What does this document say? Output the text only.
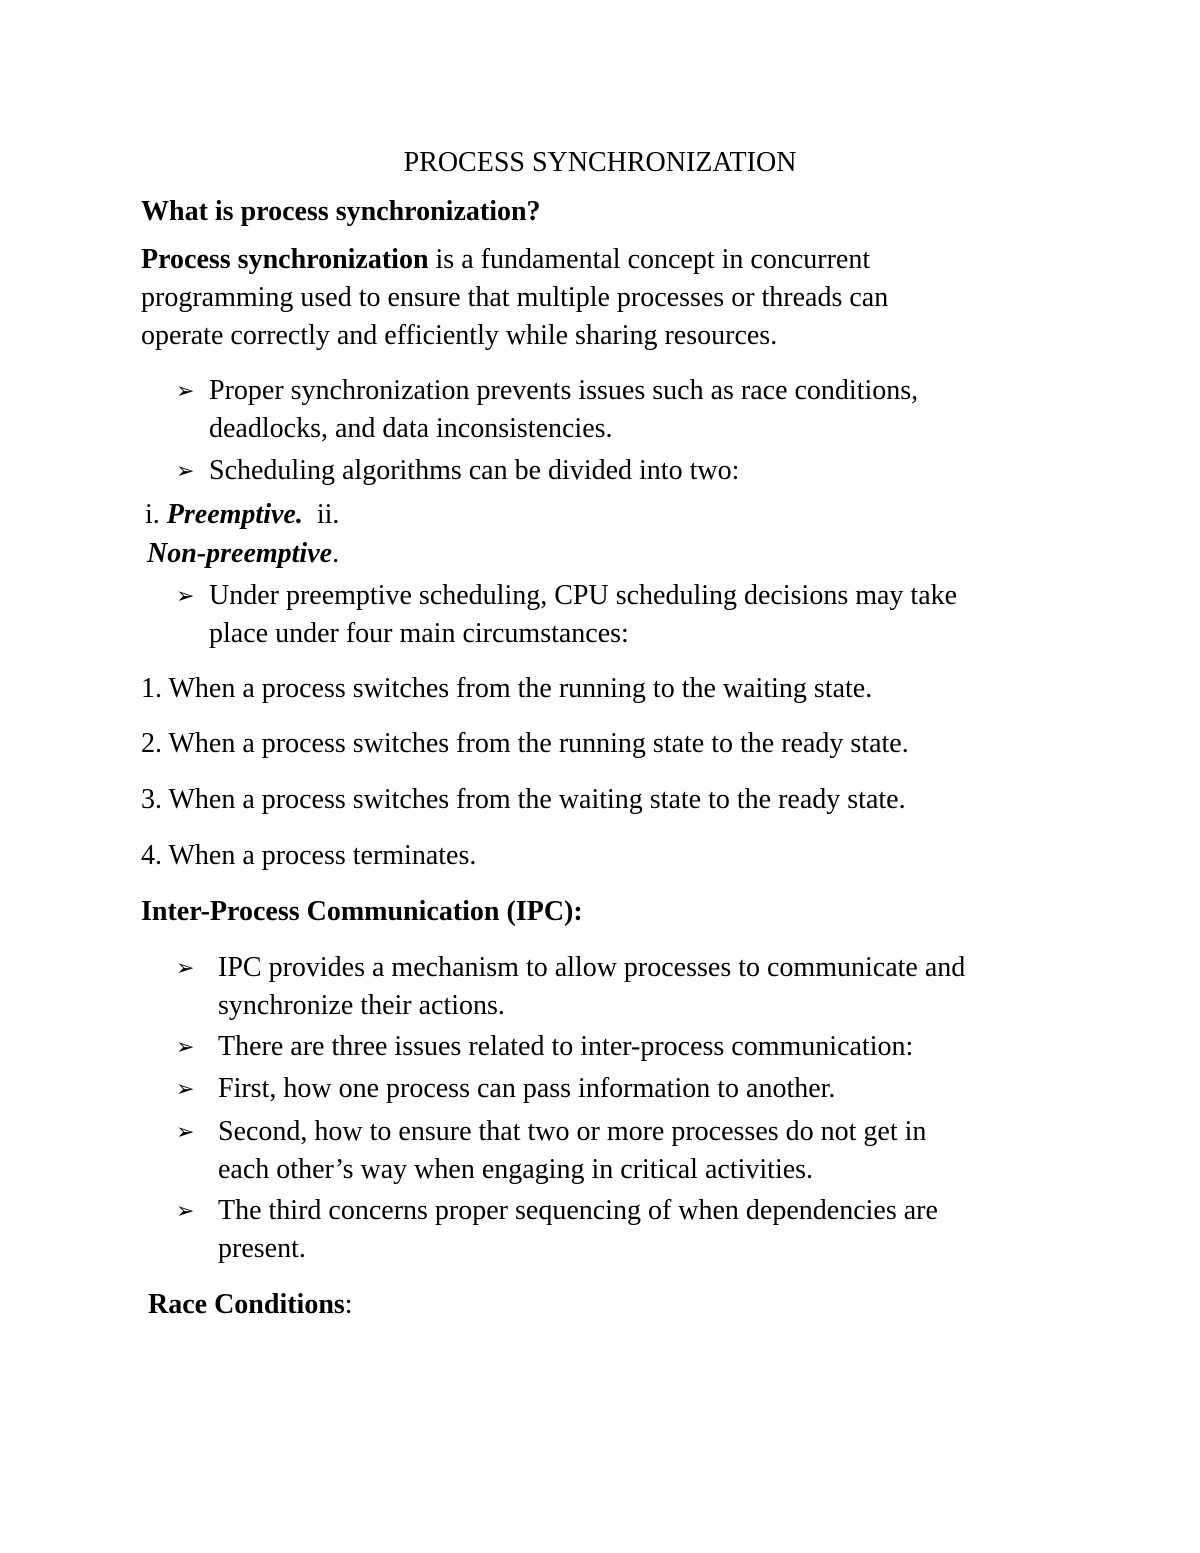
PROCESS SYNCHRONIZATION
What is process synchronization?
Process synchronization is a fundamental concept in concurrent
programming used to ensure that multiple processes or threads can
operate correctly and efficiently while sharing resources.
➢ Proper synchronization prevents issues such as race conditions,
deadlocks, and data inconsistencies.
➢ Scheduling algorithms can be divided into two:
i. Preemptive.  ii.
Non-preemptive.
➢ Under preemptive scheduling, CPU scheduling decisions may take
place under four main circumstances:
1. When a process switches from the running to the waiting state.
2. When a process switches from the running state to the ready state.
3. When a process switches from the waiting state to the ready state.
4. When a process terminates.
Inter-Process Communication (IPC):
➢ IPC provides a mechanism to allow processes to communicate and
synchronize their actions.
➢ There are three issues related to inter-process communication:
➢ First, how one process can pass information to another.
➢ Second, how to ensure that two or more processes do not get in
each other’s way when engaging in critical activities.
➢ The third concerns proper sequencing of when dependencies are
present.
Race Conditions:
